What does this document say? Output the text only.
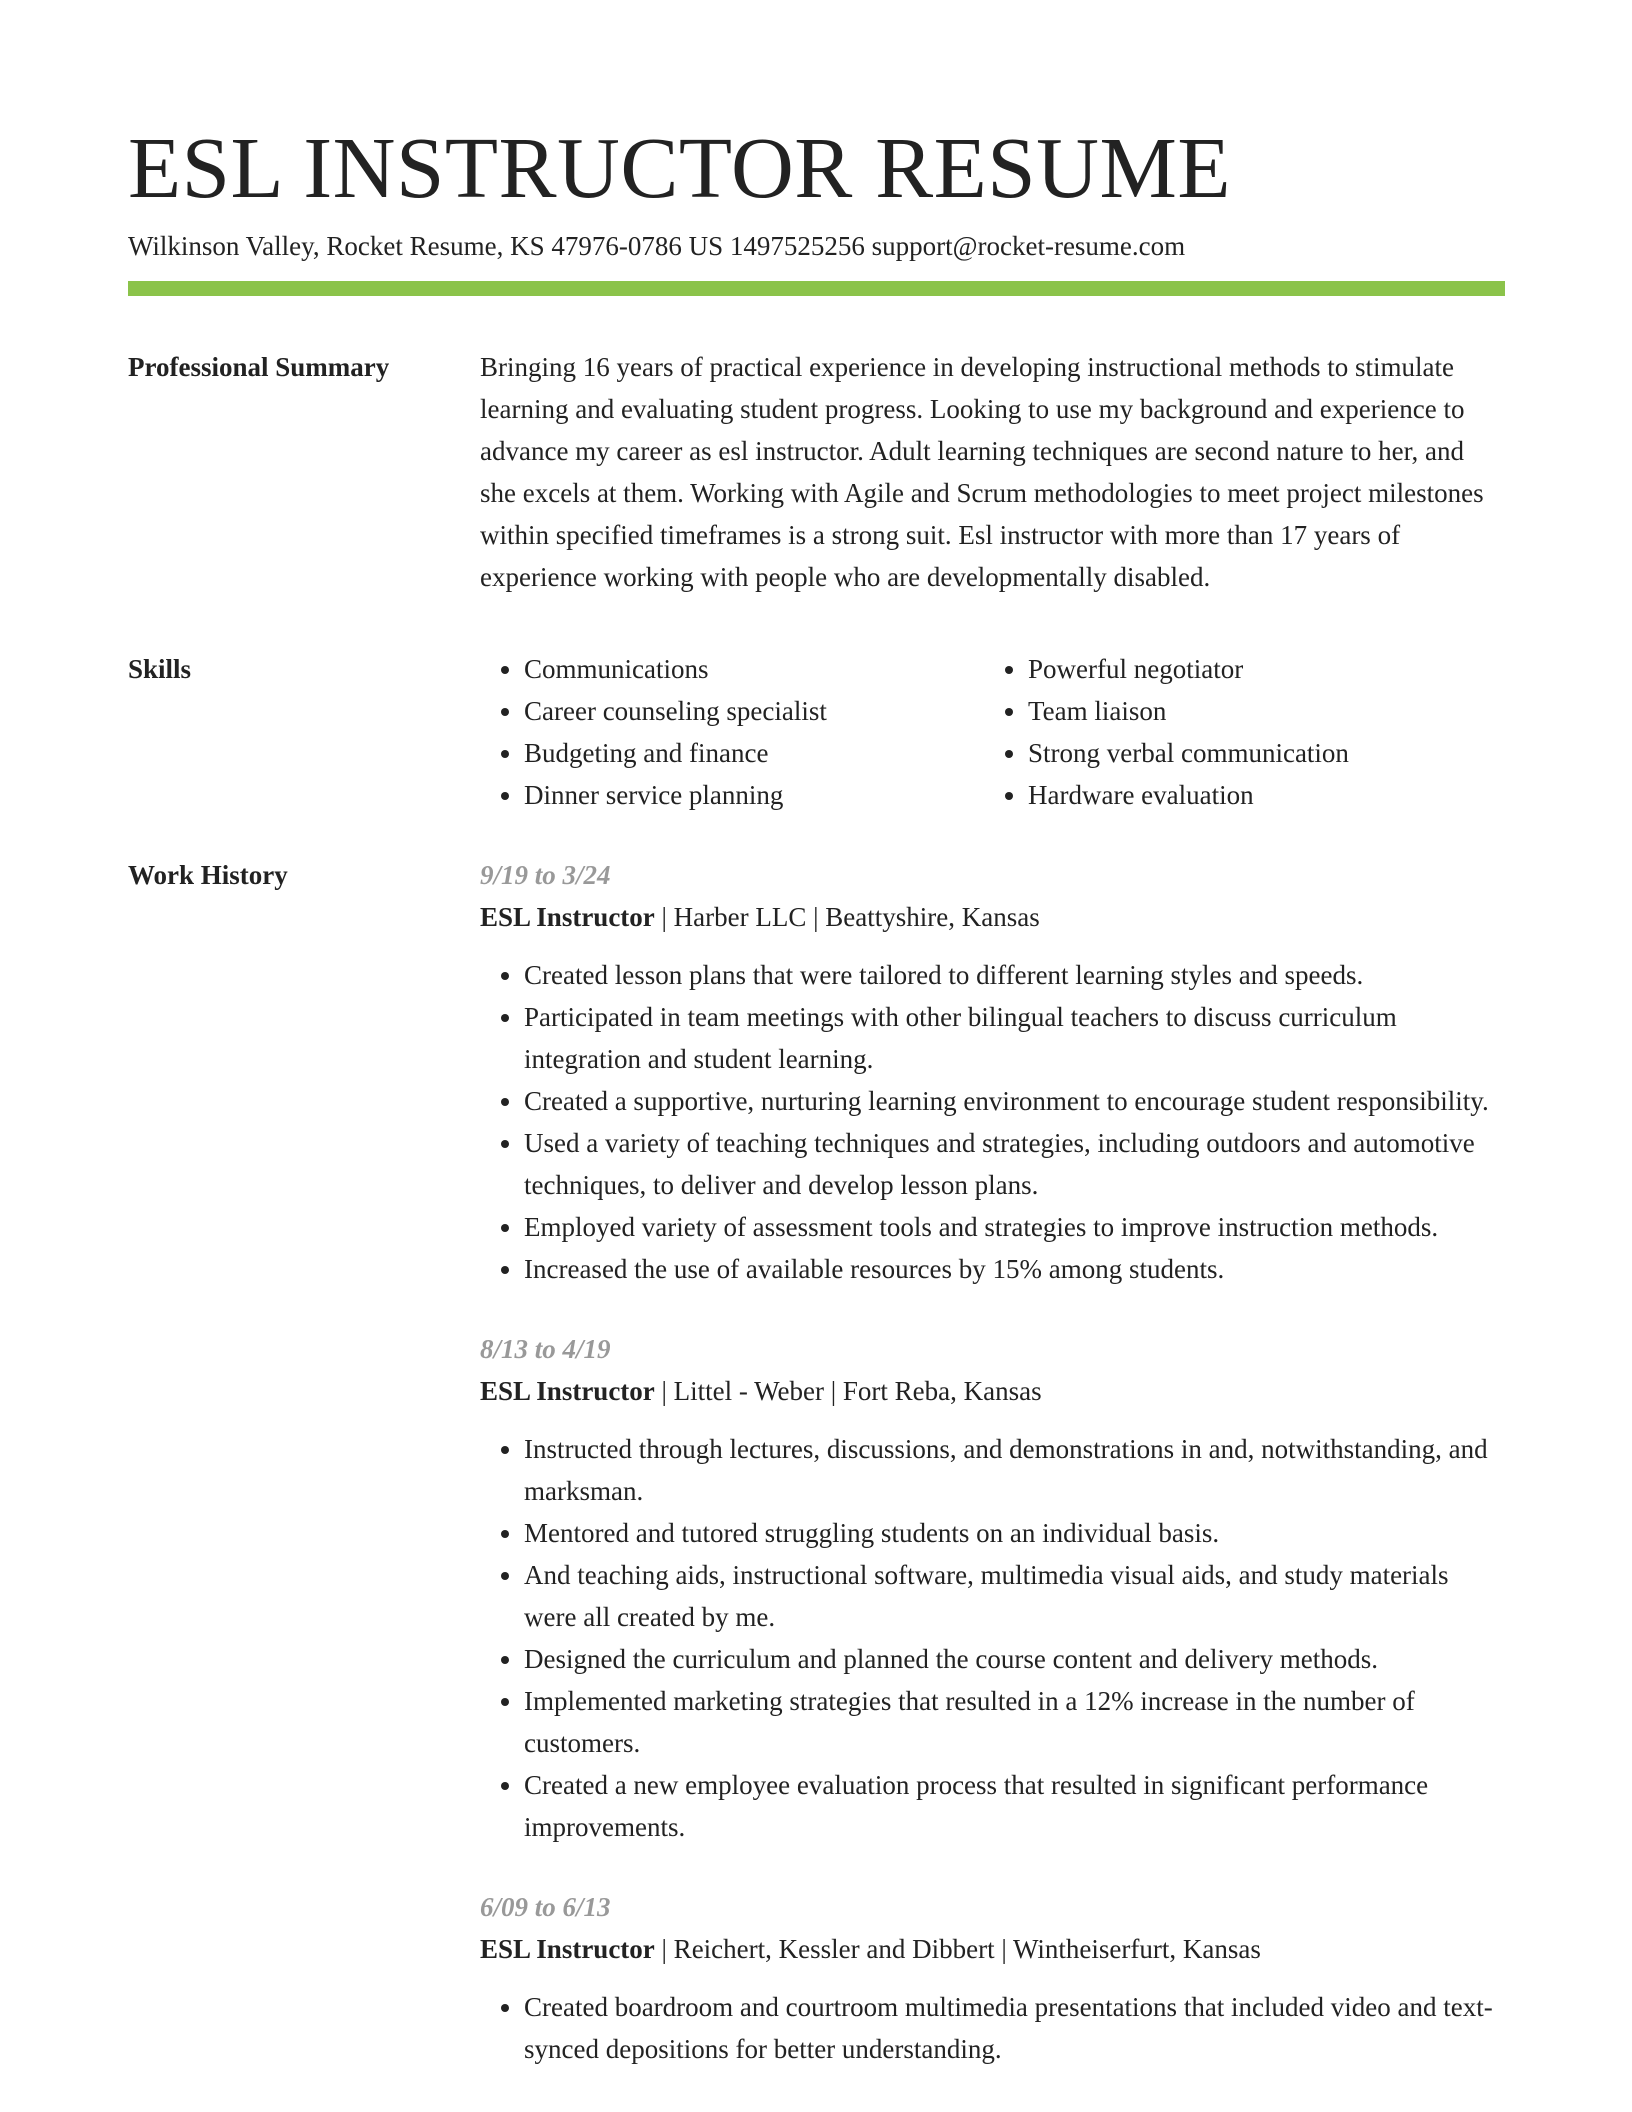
ESL INSTRUCTOR RESUME
Wilkinson Valley, Rocket Resume, KS 47976-0786 US 1497525256 support@rocket-resume.com
Professional Summary	Bringing 16 years of practical experience in developing instructional methods to stimulate learning and evaluating student progress. Looking to use my background and experience to advance my career as esl instructor. Adult learning techniques are second nature to her, and she excels at them. Working with Agile and Scrum methodologies to meet project milestones within specified timeframes is a strong suit. Esl instructor with more than 17 years of experience working with people who are developmentally disabled.

Skills
•	Communications
• Career counseling specialist
• Budgeting and finance
• Dinner service planning
• Powerful negotiator
• Team liaison
• Strong verbal communication
• Hardware evaluation
Work History	9/19 to 3/24
ESL Instructor | Harber LLC | Beattyshire, Kansas
• Created lesson plans that were tailored to different learning styles and speeds.
• Participated in team meetings with other bilingual teachers to discuss curriculum integration and student learning.
• Created a supportive, nurturing learning environment to encourage student responsibility.
• Used a variety of teaching techniques and strategies, including outdoors and automotive techniques, to deliver and develop lesson plans.
• Employed variety of assessment tools and strategies to improve instruction methods.
• Increased the use of available resources by 15% among students.
8/13 to 4/19
ESL Instructor | Littel - Weber | Fort Reba, Kansas
• Instructed through lectures, discussions, and demonstrations in and, notwithstanding, and marksman.
• Mentored and tutored struggling students on an individual basis.
• And teaching aids, instructional software, multimedia visual aids, and study materials were all created by me.
• Designed the curriculum and planned the course content and delivery methods.
• Implemented marketing strategies that resulted in a 12% increase in the number of customers.
• Created a new employee evaluation process that resulted in significant performance improvements.
6/09 to 6/13
ESL Instructor | Reichert, Kessler and Dibbert | Wintheiserfurt, Kansas
• Created boardroom and courtroom multimedia presentations that included video and text-synced depositions for better understanding.
